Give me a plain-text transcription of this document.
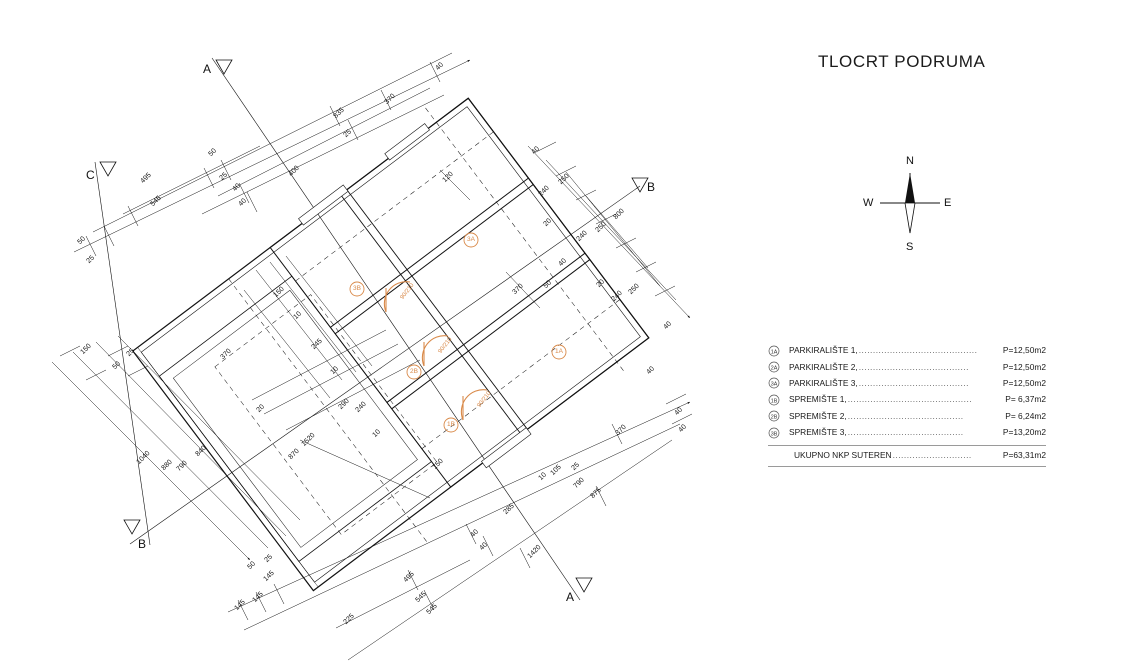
3A
1A
3B
2B
1B
90/210
90/210
90/210
40
370
835
25
400
50
25
40
40
495
545
50
25
40
120
240
250
20
240
250
800
40
370	50	20
240
250
40
40
150
10
245
10
370
150	25
50
20	290 240
10
1520
1040 880 790
840	870
150
40
40
285
10 105 25
790
875
1420
370
40
40
25
50
145
145
145
495
545
545
225
A
C
B
B
A
TLOCRT PODRUMA
N
S
W	E
1A PARKIRALIŠTE 1, ..........................................	P=12,50m2
2A PARKIRALIŠTE 2, .......................................	P=12,50m2
3A PARKIRALIŠTE 3, .......................................	P=12,50m2
1B SPREMIŠTE 1, ............................................	P= 6,37m2
2B SPREMIŠTE 2, .........................................	P= 6,24m2
3B SPREMIŠTE 3, .........................................	P=13,20m2
UKUPNO NKP SUTEREN ............................	P=63,31m2
